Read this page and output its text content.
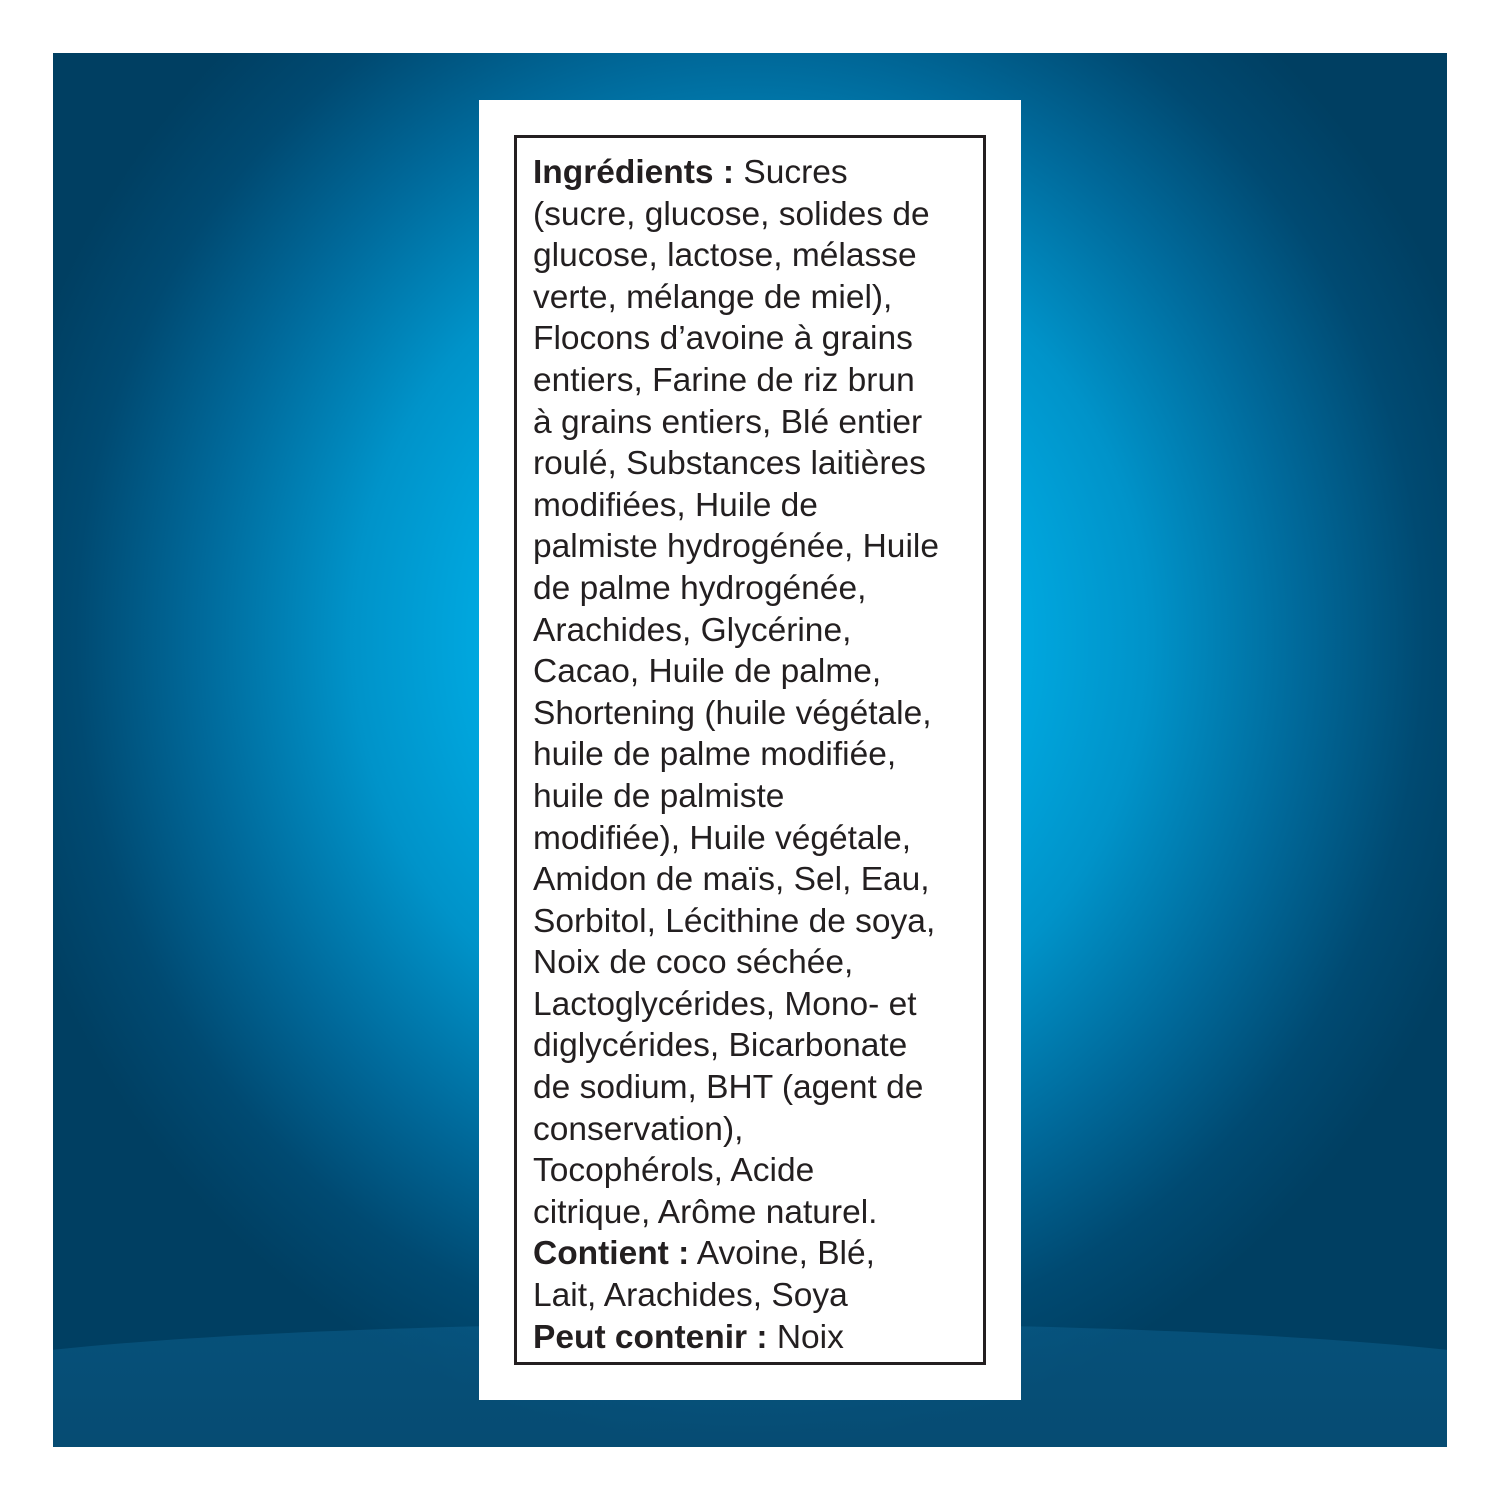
Ingrédients : Sucres
(sucre, glucose, solides de
glucose, lactose, mélasse
verte, mélange de miel),
Flocons d’avoine à grains
entiers, Farine de riz brun
à grains entiers, Blé entier
roulé, Substances laitières
modifiées, Huile de
palmiste hydrogénée, Huile
de palme hydrogénée,
Arachides, Glycérine,
Cacao, Huile de palme,
Shortening (huile végétale,
huile de palme modifiée,
huile de palmiste
modifiée), Huile végétale,
Amidon de maïs, Sel, Eau,
Sorbitol, Lécithine de soya,
Noix de coco séchée,
Lactoglycérides, Mono- et
diglycérides, Bicarbonate
de sodium, BHT (agent de
conservation),
Tocophérols, Acide
citrique, Arôme naturel.
Contient : Avoine, Blé,
Lait, Arachides, Soya
Peut contenir : Noix
